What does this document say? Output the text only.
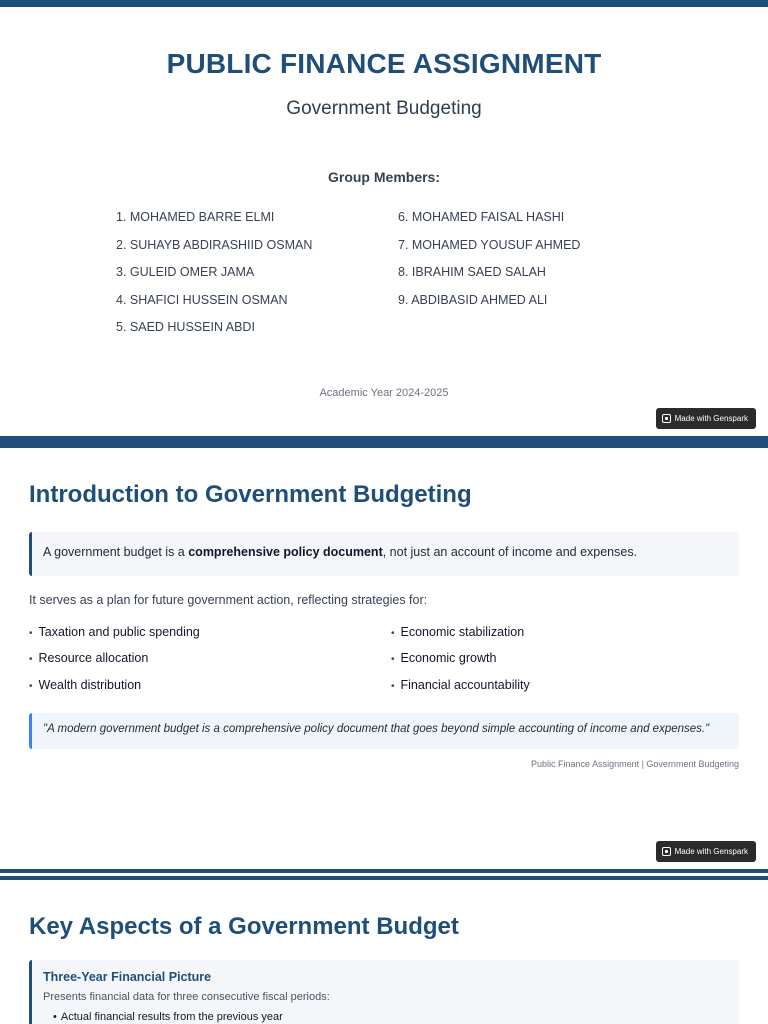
PUBLIC FINANCE ASSIGNMENT
Government Budgeting
Group Members:
1. MOHAMED BARRE ELMI
2. SUHAYB ABDIRASHIID OSMAN
3. GULEID OMER JAMA
4. SHAFICI HUSSEIN OSMAN
5. SAED HUSSEIN ABDI
6. MOHAMED FAISAL HASHI
7. MOHAMED YOUSUF AHMED
8. IBRAHIM SAED SALAH
9. ABDIBASID AHMED ALI
Academic Year 2024-2025
Made with Genspark
Introduction to Government Budgeting
A government budget is a comprehensive policy document, not just an account of income and expenses.
It serves as a plan for future government action, reflecting strategies for:
• Taxation and public spending
• Resource allocation
• Wealth distribution
• Economic stabilization
• Economic growth
• Financial accountability
"A modern government budget is a comprehensive policy document that goes beyond simple accounting of income and expenses."
Public Finance Assignment | Government Budgeting
Made with Genspark
Key Aspects of a Government Budget
Three-Year Financial Picture
Presents financial data for three consecutive fiscal periods:
• Actual financial results from the previous year
